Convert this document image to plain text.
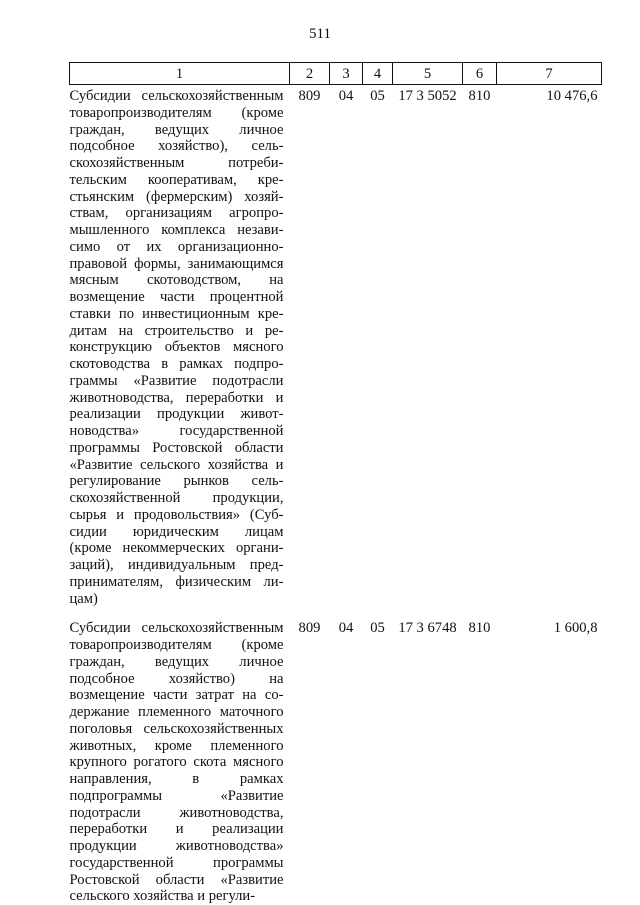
511
1	2	3	4	5	6	7
Субсидии сельскохозяйственным товаропроизводителям (кроме граждан, ведущих личное подсобное хозяйство), сельскохозяйственным потребительским кооперативам, крестьянским (фермерским) хозяйствам, организациям агропромышленного комплекса независимо от их организационно-правовой формы, занимающимся мясным скотоводством, на возмещение части процентной ставки по инвестиционным кредитам на строительство и реконструкцию объектов мясного скотоводства в рамках подпрограммы «Развитие подотрасли животноводства, переработки и реализации продукции животноводства» государственной программы Ростовской области «Развитие сельского хозяйства и регулирование рынков сельскохозяйственной продукции, сырья и продовольствия» (Субсидии юридическим лицам (кроме некоммерческих организаций), индивидуальным предпринимателям, физическим лицам)	809	04	05	17 3 5052	810	10 476,6
Субсидии сельскохозяйственным товаропроизводителям (кроме граждан, ведущих личное подсобное хозяйство) на возмещение части затрат на содержание племенного маточного поголовья сельскохозяйственных животных, кроме племенного крупного рогатого скота мясного направления, в рамках подпрограммы «Развитие подотрасли животноводства, переработки и реализации продукции животноводства» государственной программы Ростовской области «Развитие сельского хозяйства и регули-	809	04	05	17 3 6748	810	1 600,8
